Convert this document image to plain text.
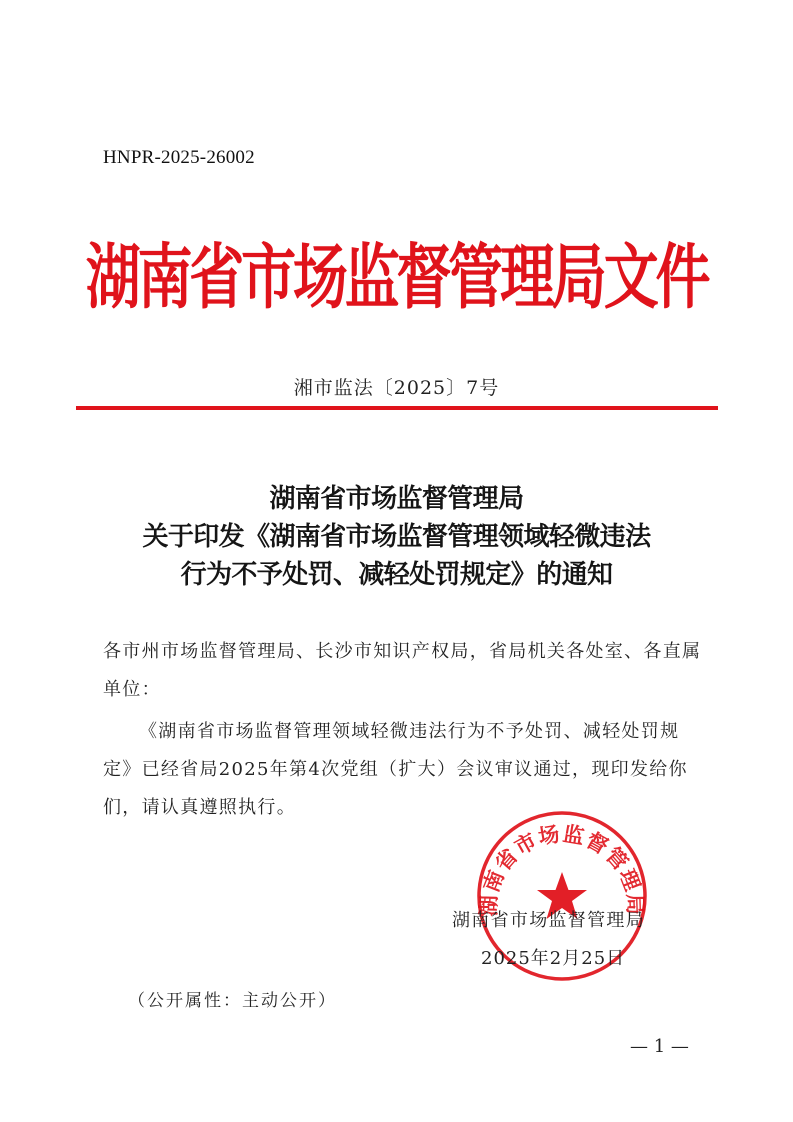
HNPR-2025-26002
湖南省市场监督管理局文件
湘市监法〔2025〕7号
湖南省市场监督管理局
关于印发《湖南省市场监督管理领域轻微违法
行为不予处罚、减轻处罚规定》的通知
各市州市场监督管理局、长沙市知识产权局，省局机关各处室、各直属单位：
《湖南省市场监督管理领域轻微违法行为不予处罚、减轻处罚规定》已经省局2025年第4次党组（扩大）会议审议通过，现印发给你们，请认真遵照执行。
湖南省市场监督管理局
湖南省市场监督管理局
2025年2月25日
（公开属性：主动公开）
— 1 —
